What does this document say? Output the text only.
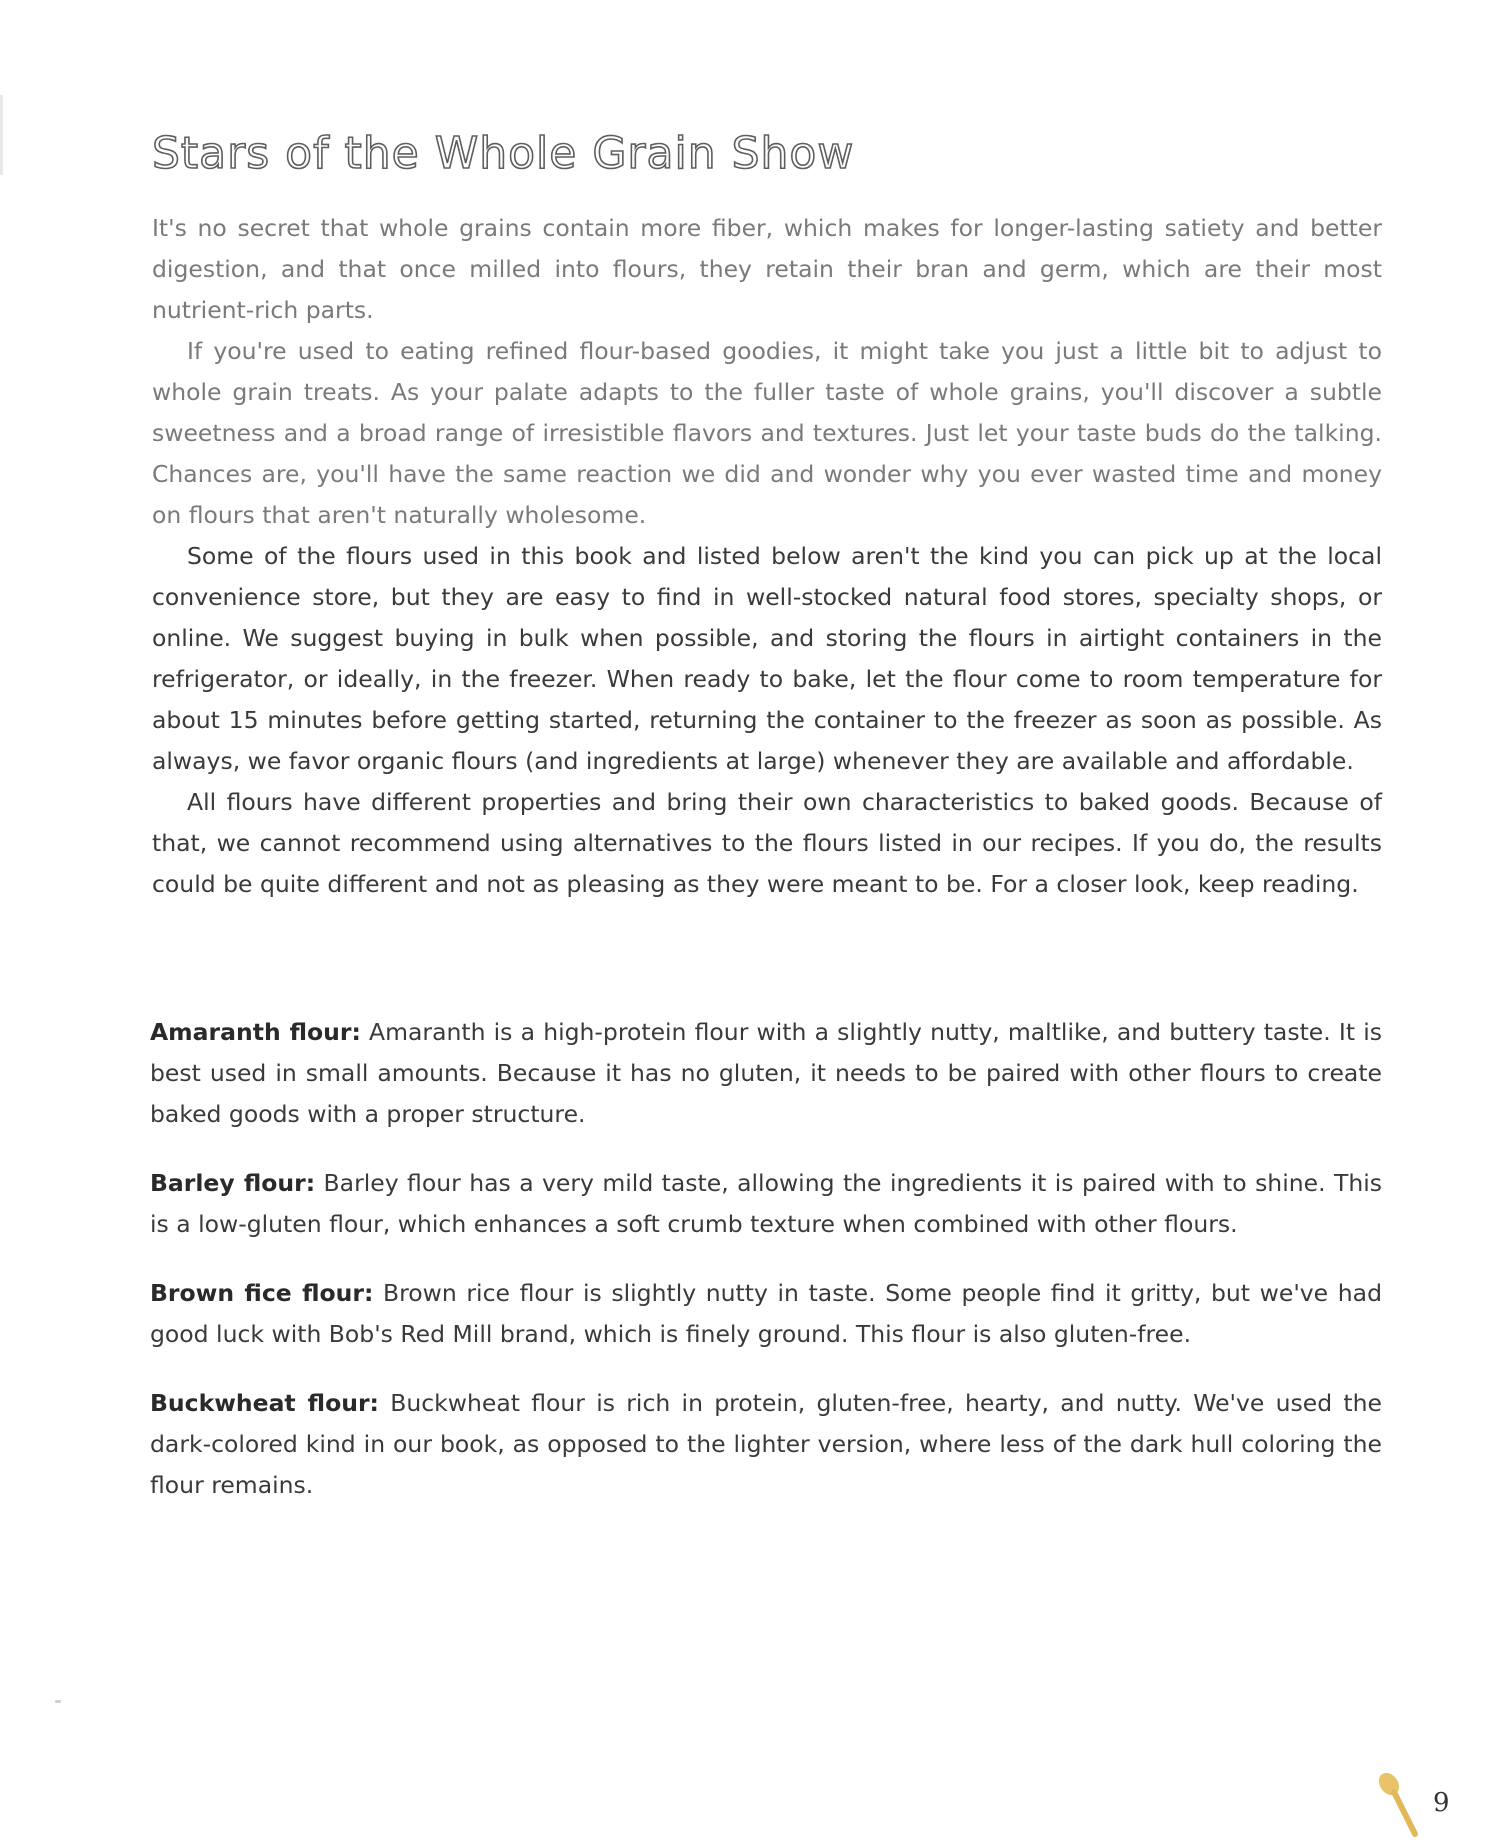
Stars of the Whole Grain Show

It's no secret that whole grains contain more fiber, which makes for longer-lasting satiety and better digestion, and that once milled into flours, they retain their bran and germ, which are their most nutrient-rich parts.

If you're used to eating refined flour-based goodies, it might take you just a little bit to adjust to whole grain treats. As your palate adapts to the fuller taste of whole grains, you'll discover a subtle sweetness and a broad range of irresistible flavors and textures. Just let your taste buds do the talking. Chances are, you'll have the same reaction we did and wonder why you ever wasted time and money on flours that aren't naturally wholesome.

Some of the flours used in this book and listed below aren't the kind you can pick up at the local convenience store, but they are easy to find in well-stocked natural food stores, specialty shops, or online. We suggest buying in bulk when possible, and storing the flours in airtight containers in the refrigerator, or ideally, in the freezer. When ready to bake, let the flour come to room temperature for about 15 minutes before getting started, returning the container to the freezer as soon as possible. As always, we favor organic flours (and ingredients at large) whenever they are available and affordable.

All flours have different properties and bring their own characteristics to baked goods. Because of that, we cannot recommend using alternatives to the flours listed in our recipes. If you do, the results could be quite different and not as pleasing as they were meant to be. For a closer look, keep reading.

Amaranth flour: Amaranth is a high-protein flour with a slightly nutty, maltlike, and buttery taste. It is best used in small amounts. Because it has no gluten, it needs to be paired with other flours to create baked goods with a proper structure.

Barley flour: Barley flour has a very mild taste, allowing the ingredients it is paired with to shine. This is a low-gluten flour, which enhances a soft crumb texture when combined with other flours.

Brown fice flour: Brown rice flour is slightly nutty in taste. Some people find it gritty, but we've had good luck with Bob's Red Mill brand, which is finely ground. This flour is also gluten-free.

Buckwheat flour: Buckwheat flour is rich in protein, gluten-free, hearty, and nutty. We've used the dark-colored kind in our book, as opposed to the lighter version, where less of the dark hull coloring the flour remains.

9
